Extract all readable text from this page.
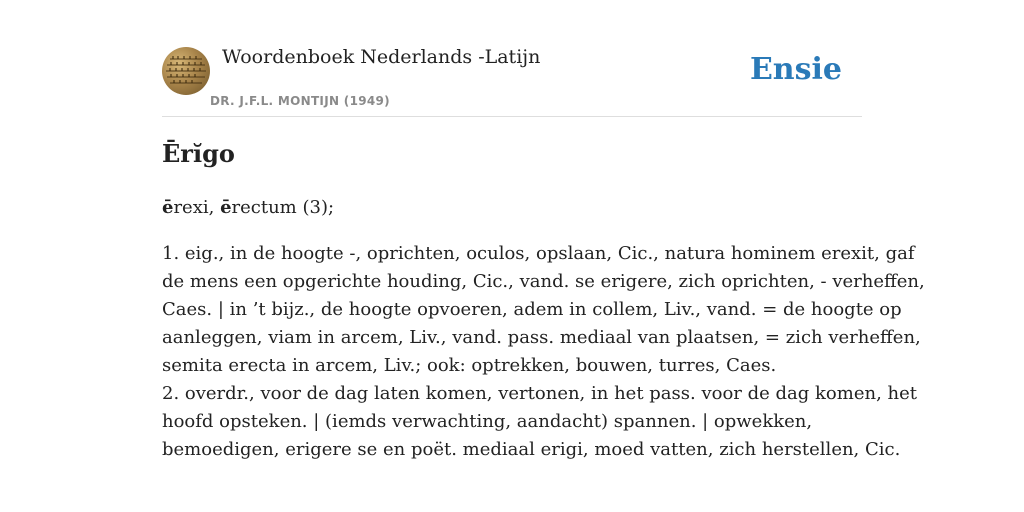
Woordenboek Nederlands -Latijn
DR. J.F.L. MONTIJN (1949)
Ensie
Ērĭgo

ērexi, ērectum (3);

1. eig., in de hoogte -, oprichten, oculos, opslaan, Cic., natura hominem erexit, gaf
de mens een opgerichte houding, Cic., vand. se erigere, zich oprichten, - verheffen,
Caes. | in ’t bijz., de hoogte opvoeren, adem in collem, Liv., vand. = de hoogte op
aanleggen, viam in arcem, Liv., vand. pass. mediaal van plaatsen, = zich verheffen,
semita erecta in arcem, Liv.; ook: optrekken, bouwen, turres, Caes.
2. overdr., voor de dag laten komen, vertonen, in het pass. voor de dag komen, het
hoofd opsteken. | (iemds verwachting, aandacht) spannen. | opwekken,
bemoedigen, erigere se en poët. mediaal erigi, moed vatten, zich herstellen, Cic.
